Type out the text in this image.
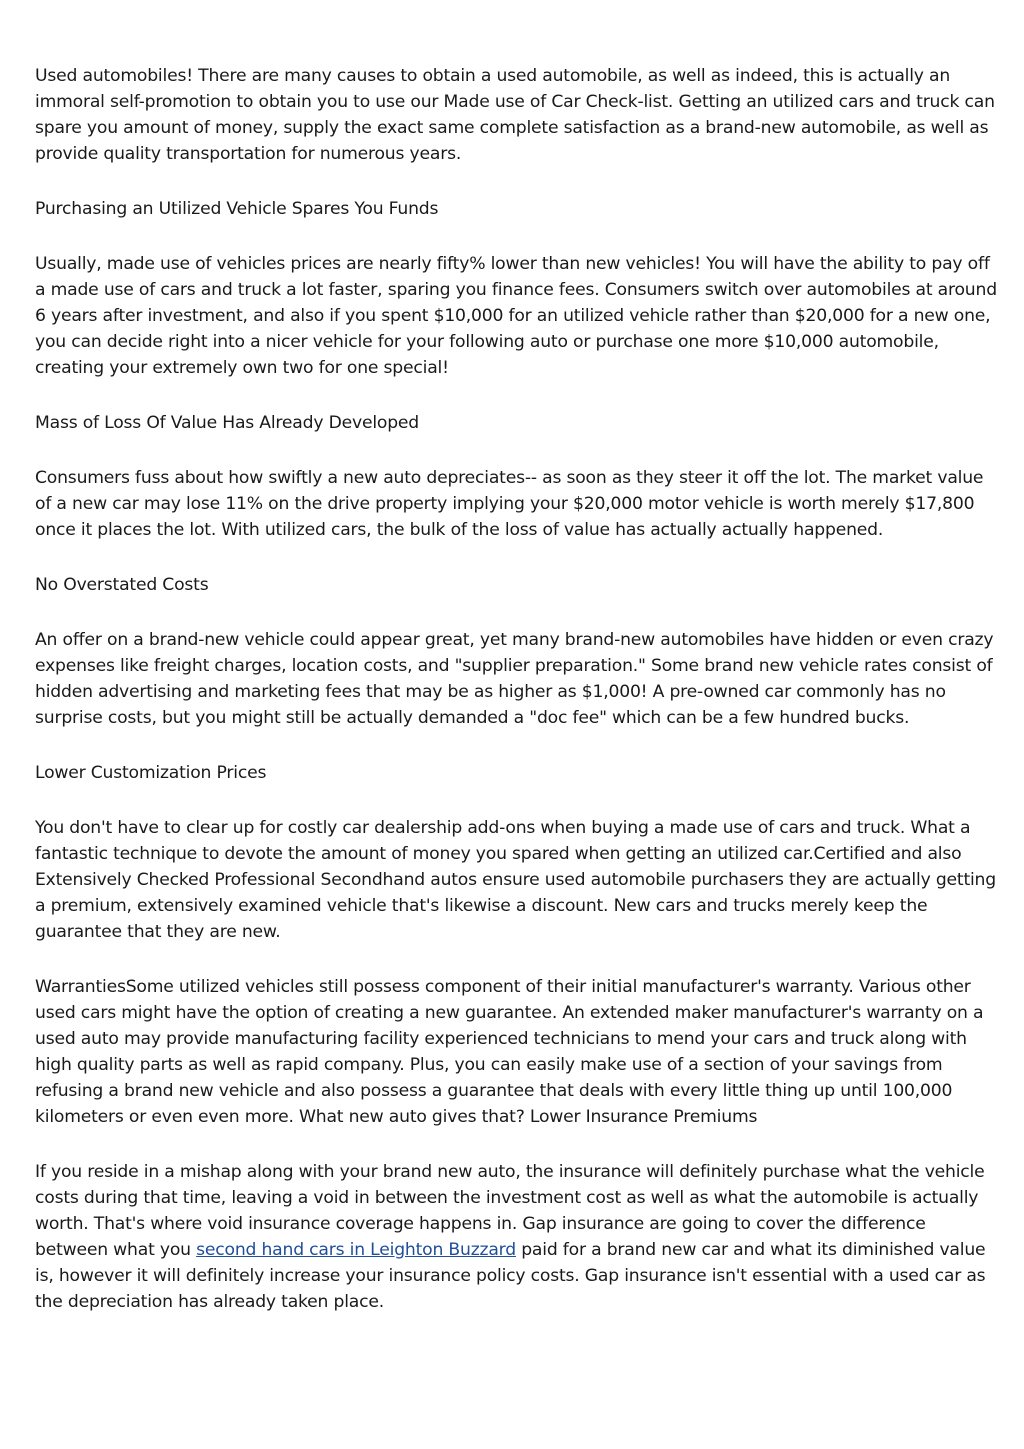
Used automobiles! There are many causes to obtain a used automobile, as well as indeed, this is actually an immoral self-promotion to obtain you to use our Made use of Car Check-list. Getting an utilized cars and truck can spare you amount of money, supply the exact same complete satisfaction as a brand-new automobile, as well as provide quality transportation for numerous years.

Purchasing an Utilized Vehicle Spares You Funds

Usually, made use of vehicles prices are nearly fifty% lower than new vehicles! You will have the ability to pay off a made use of cars and truck a lot faster, sparing you finance fees. Consumers switch over automobiles at around 6 years after investment, and also if you spent $10,000 for an utilized vehicle rather than $20,000 for a new one, you can decide right into a nicer vehicle for your following auto or purchase one more $10,000 automobile, creating your extremely own two for one special!

Mass of Loss Of Value Has Already Developed

Consumers fuss about how swiftly a new auto depreciates-- as soon as they steer it off the lot. The market value of a new car may lose 11% on the drive property implying your $20,000 motor vehicle is worth merely $17,800 once it places the lot. With utilized cars, the bulk of the loss of value has actually actually happened.

No Overstated Costs

An offer on a brand-new vehicle could appear great, yet many brand-new automobiles have hidden or even crazy expenses like freight charges, location costs, and "supplier preparation." Some brand new vehicle rates consist of hidden advertising and marketing fees that may be as higher as $1,000! A pre-owned car commonly has no surprise costs, but you might still be actually demanded a "doc fee" which can be a few hundred bucks.

Lower Customization Prices

You don't have to clear up for costly car dealership add-ons when buying a made use of cars and truck. What a fantastic technique to devote the amount of money you spared when getting an utilized car.Certified and also Extensively Checked Professional Secondhand autos ensure used automobile purchasers they are actually getting a premium, extensively examined vehicle that's likewise a discount. New cars and trucks merely keep the guarantee that they are new.

WarrantiesSome utilized vehicles still possess component of their initial manufacturer's warranty. Various other used cars might have the option of creating a new guarantee. An extended maker manufacturer's warranty on a used auto may provide manufacturing facility experienced technicians to mend your cars and truck along with high quality parts as well as rapid company. Plus, you can easily make use of a section of your savings from refusing a brand new vehicle and also possess a guarantee that deals with every little thing up until 100,000 kilometers or even even more. What new auto gives that? Lower Insurance Premiums

If you reside in a mishap along with your brand new auto, the insurance will definitely purchase what the vehicle costs during that time, leaving a void in between the investment cost as well as what the automobile is actually worth. That's where void insurance coverage happens in. Gap insurance are going to cover the difference between what you second hand cars in Leighton Buzzard paid for a brand new car and what its diminished value is, however it will definitely increase your insurance policy costs. Gap insurance isn't essential with a used car as the depreciation has already taken place.
